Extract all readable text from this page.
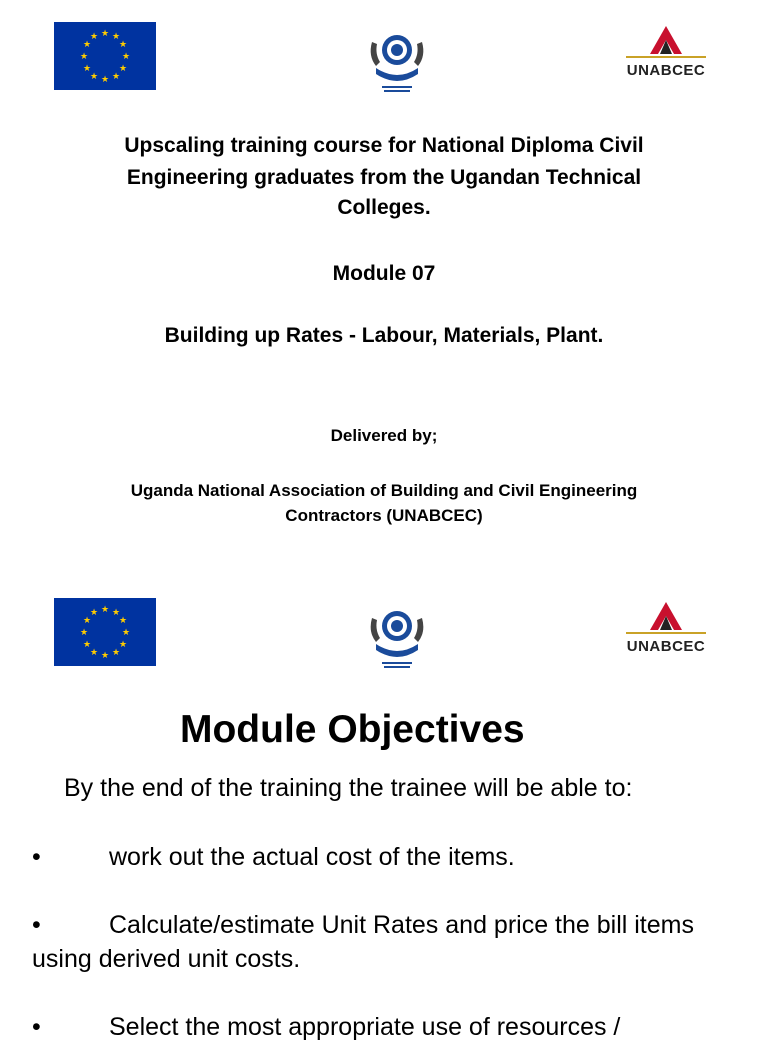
★ ★
★
★
★
★
★
★
★
★
★
★
UNABCEC
Upscaling training course for National Diploma Civil Engineering graduates from the Ugandan Technical
Colleges.
Module 07
Building up Rates - Labour, Materials, Plant.
Delivered by;
Uganda National Association of Building and Civil Engineering Contractors (UNABCEC)
★ ★
★
★
★
★
★
★
★
★
★
★
UNABCEC
Module Objectives
By the end of the training the trainee will be able to:
•	work out the actual cost of the items.
•	Calculate/estimate Unit Rates and price the bill items using derived unit costs.
•	Select the most appropriate use of resources /
